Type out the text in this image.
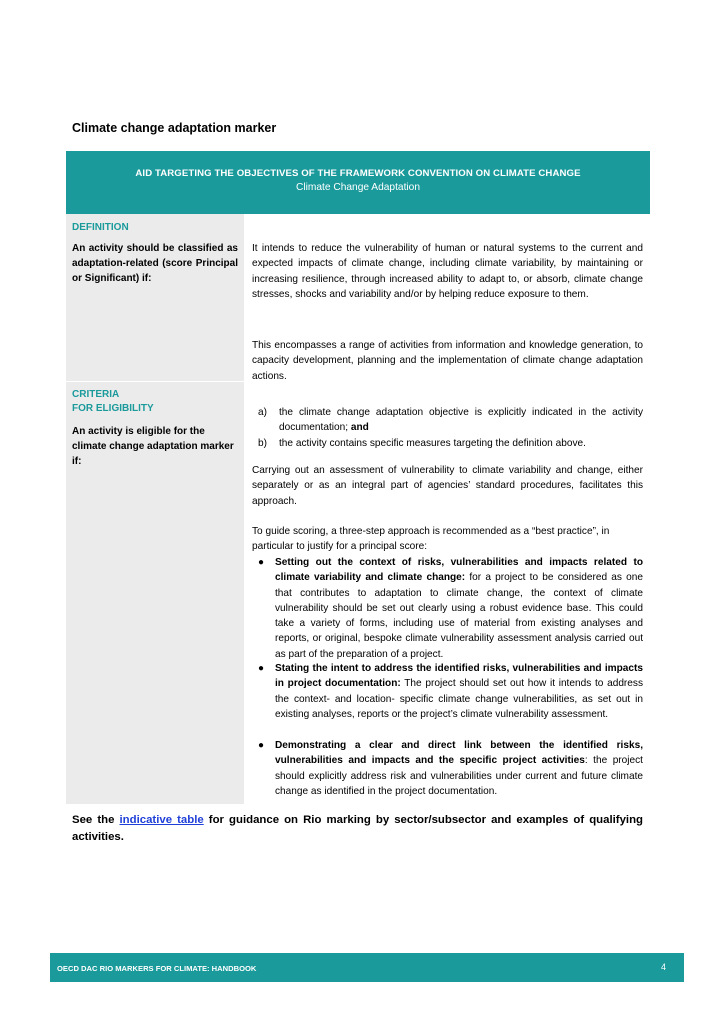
Climate change adaptation marker
AID TARGETING THE OBJECTIVES OF THE FRAMEWORK CONVENTION ON CLIMATE CHANGE
Climate Change Adaptation
DEFINITION
An activity should be classified as adaptation-related (score Principal or Significant) if:
It intends to reduce the vulnerability of human or natural systems to the current and expected impacts of climate change, including climate variability, by maintaining or increasing resilience, through increased ability to adapt to, or absorb, climate change stresses, shocks and variability and/or by helping reduce exposure to them.
This encompasses a range of activities from information and knowledge generation, to capacity development, planning and the implementation of climate change adaptation actions.
CRITERIA
FOR ELIGIBILITY
An activity is eligible for the climate change adaptation marker if:
a) the climate change adaptation objective is explicitly indicated in the activity documentation; and
b) the activity contains specific measures targeting the definition above.
Carrying out an assessment of vulnerability to climate variability and change, either separately or as an integral part of agencies’ standard procedures, facilitates this approach.
To guide scoring, a three-step approach is recommended as a “best practice”, in particular to justify for a principal score:
● Setting out the context of risks, vulnerabilities and impacts related to climate variability and climate change: for a project to be considered as one that contributes to adaptation to climate change, the context of climate vulnerability should be set out clearly using a robust evidence base. This could take a variety of forms, including use of material from existing analyses and reports, or original, bespoke climate vulnerability assessment analysis carried out as part of the preparation of a project.
● Stating the intent to address the identified risks, vulnerabilities and impacts in project documentation: The project should set out how it intends to address the context- and location- specific climate change vulnerabilities, as set out in existing analyses, reports or the project’s climate vulnerability assessment.
● Demonstrating a clear and direct link between the identified risks, vulnerabilities and impacts and the specific project activities: the project should explicitly address risk and vulnerabilities under current and future climate change as identified in the project documentation.
See the indicative table for guidance on Rio marking by sector/subsector and examples of qualifying activities.
OECD DAC RIO MARKERS FOR CLIMATE: HANDBOOK	4
